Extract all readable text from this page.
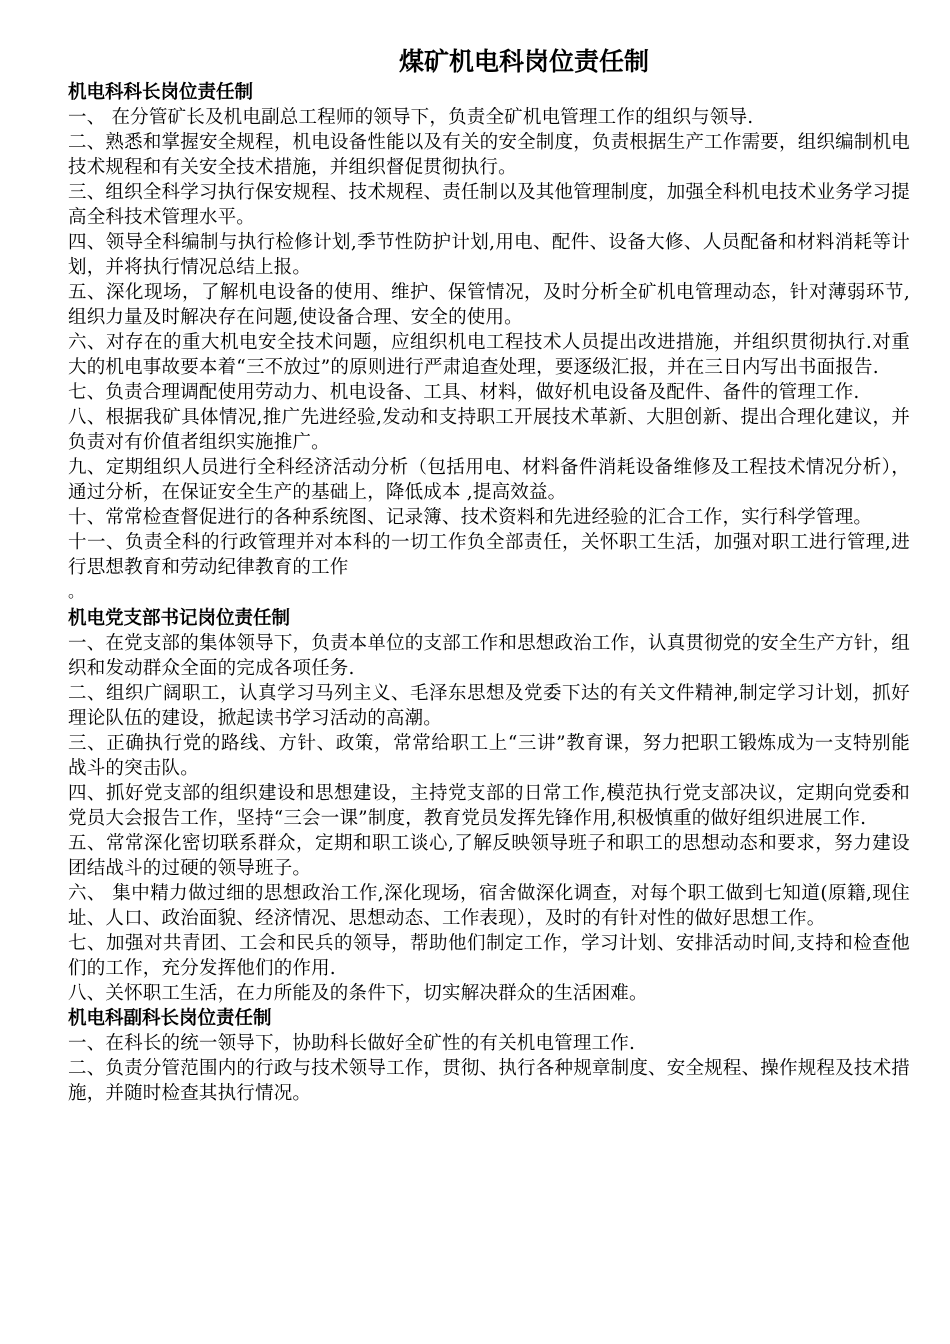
煤矿机电科岗位责任制
机电科科长岗位责任制

一、 在分管矿长及机电副总工程师的领导下，负责全矿机电管理工作的组织与领导.

二、熟悉和掌握安全规程，机电设备性能以及有关的安全制度，负责根据生产工作需要，组织编制机电技术规程和有关安全技术措施，并组织督促贯彻执行。

三、组织全科学习执行保安规程、技术规程、责任制以及其他管理制度，加强全科机电技术业务学习提高全科技术管理水平。

四、领导全科编制与执行检修计划,季节性防护计划,用电、配件、设备大修、人员配备和材料消耗等计划，并将执行情况总结上报。

五、深化现场，了解机电设备的使用、维护、保管情况，及时分析全矿机电管理动态，针对薄弱环节,组织力量及时解决存在问题,使设备合理、安全的使用。

六、对存在的重大机电安全技术问题，应组织机电工程技术人员提出改进措施，并组织贯彻执行.对重大的机电事故要本着“三不放过”的原则进行严肃追查处理，要逐级汇报，并在三日内写出书面报告.

七、负责合理调配使用劳动力、机电设备、工具、材料，做好机电设备及配件、备件的管理工作.

八、根据我矿具体情况,推广先进经验,发动和支持职工开展技术革新、大胆创新、提出合理化建议，并负责对有价值者组织实施推广。

九、定期组织人员进行全科经济活动分析（包括用电、材料备件消耗设备维修及工程技术情况分析），通过分析，在保证安全生产的基础上，降低成本 ,提高效益。

十、常常检查督促进行的各种系统图、记录簿、技术资料和先进经验的汇合工作，实行科学管理。

十一、负责全科的行政管理并对本科的一切工作负全部责任，关怀职工生活，加强对职工进行管理,进行思想教育和劳动纪律教育的工作

。

机电党支部书记岗位责任制

一、在党支部的集体领导下，负责本单位的支部工作和思想政治工作，认真贯彻党的安全生产方针，组织和发动群众全面的完成各项任务.

二、组织广阔职工，认真学习马列主义、毛泽东思想及党委下达的有关文件精神,制定学习计划，抓好理论队伍的建设，掀起读书学习活动的高潮。

三、正确执行党的路线、方针、政策，常常给职工上“三讲”教育课，努力把职工锻炼成为一支特别能战斗的突击队。

四、抓好党支部的组织建设和思想建设，主持党支部的日常工作,模范执行党支部决议，定期向党委和党员大会报告工作，坚持“三会一课”制度，教育党员发挥先锋作用,积极慎重的做好组织进展工作.

五、常常深化密切联系群众，定期和职工谈心,了解反映领导班子和职工的思想动态和要求，努力建设团结战斗的过硬的领导班子。

六、 集中精力做过细的思想政治工作,深化现场，宿舍做深化调查，对每个职工做到七知道(原籍,现住址、人口、政治面貌、经济情况、思想动态、工作表现），及时的有针对性的做好思想工作。

七、加强对共青团、工会和民兵的领导，帮助他们制定工作，学习计划、安排活动时间,支持和检查他们的工作，充分发挥他们的作用.

八、关怀职工生活，在力所能及的条件下，切实解决群众的生活困难。

机电科副科长岗位责任制

一、在科长的统一领导下，协助科长做好全矿性的有关机电管理工作.

二、负责分管范围内的行政与技术领导工作，贯彻、执行各种规章制度、安全规程、操作规程及技术措施，并随时检查其执行情况。
